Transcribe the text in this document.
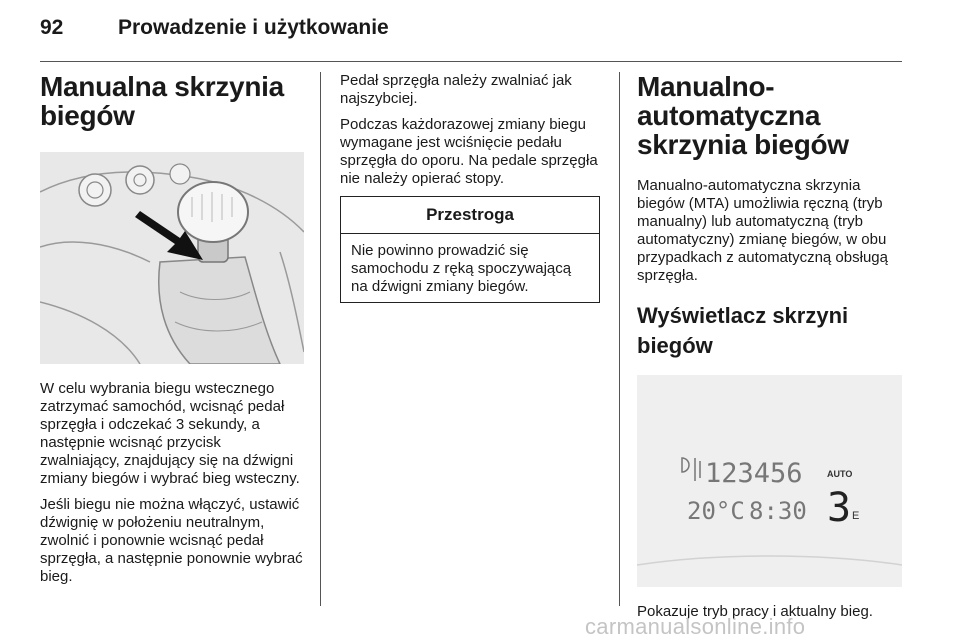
92	Prowadzenie i użytkowanie
Manualna skrzynia biegów

W celu wybrania biegu wstecznego zatrzymać samochód, wcisnąć pedał sprzęgła i odczekać 3 sekundy, a następnie wcisnąć przycisk zwalniający, znajdujący się na dźwigni zmiany biegów i wybrać bieg wsteczny.

Jeśli biegu nie można włączyć, ustawić dźwignię w położeniu neutralnym, zwolnić i ponownie wcisnąć pedał sprzęgła, a następnie ponownie wybrać bieg.

Pedał sprzęgła należy zwalniać jak najszybciej.

Podczas każdorazowej zmiany biegu wymagane jest wciśnięcie pedału sprzęgła do oporu. Na pedale sprzęgła nie należy opierać stopy.

Przestroga
Nie powinno prowadzić się samochodu z ręką spoczywającą na dźwigni zmiany biegów.
Manualno-automatyczna skrzynia biegów

Manualno-automatyczna skrzynia biegów (MTA) umożliwia ręczną (tryb manualny) lub automatyczną (tryb automatyczny) zmianę biegów, w obu przypadkach z automatyczną obsługą sprzęgła.

Wyświetlacz skrzyni biegów
123456
20°C 8:30
AUTO
3 E

Pokazuje tryb pracy i aktualny bieg.

carmanualsonline.info
